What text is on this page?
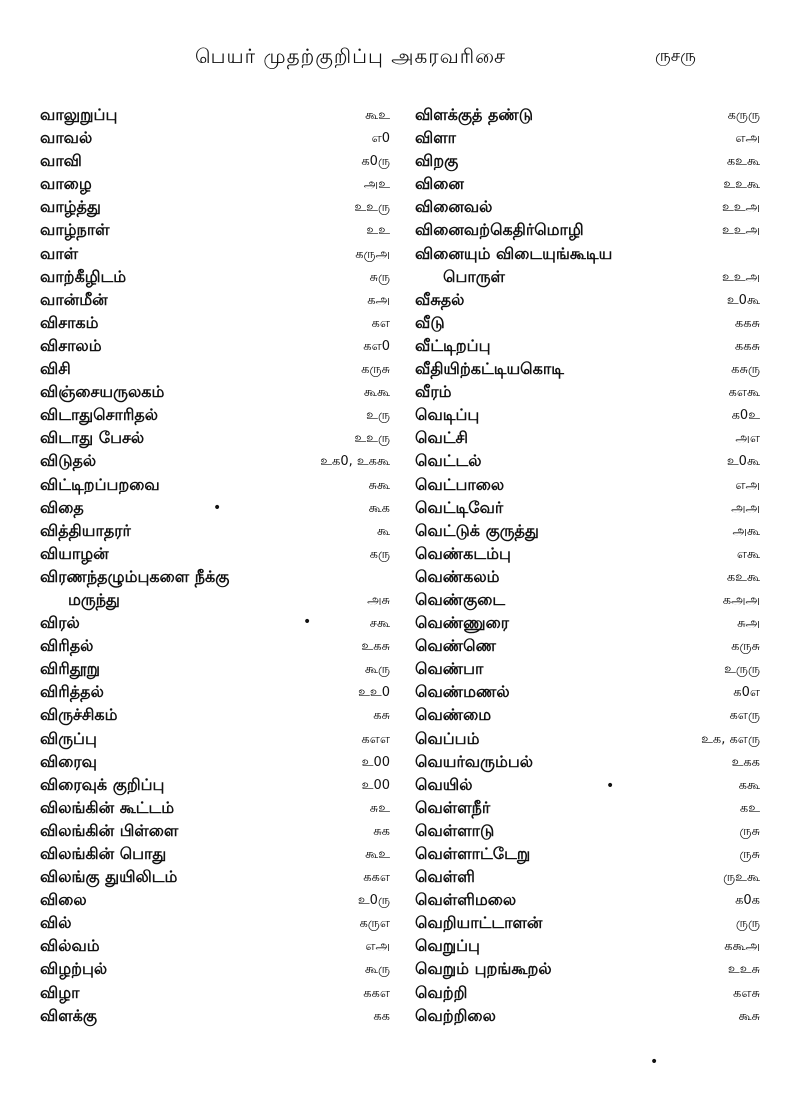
பெயர் முதற்குறிப்பு அகரவரிசை	ருசரு
வாலுறுப்பு	கூஉ
வாவல்	எ0
வாவி	க0ரு
வாழை	அஉ
வாழ்த்து	உஉரு
வாழ்நாள்	உஉ
வாள்	கருஅ
வாற்கீழிடம்	சுரு
வான்மீன்	கஅ
விசாகம்	கஎ
விசாலம்	கஎ0
விசி	கருசு
விஞ்சையருலகம்	கூகூ
விடாதுசொரிதல்	உரு
விடாது பேசல்	உஉரு
விடுதல்	உக0, உககூ
விட்டிறப்பறவை	சுகூ
விதை	கூக
வித்தியாதரர்	கூ
வியாழன்	கரு
விரணந்தழும்புகளை நீக்கு
மருந்து	அசு
விரல்	சகூ
விரிதல்	உகசு
விரிதூறு	கூரு
விரித்தல்	உஉ0
விருச்சிகம்	கசு
விருப்பு	கஎஎ
விரைவு	உ00
விரைவுக் குறிப்பு	உ00
விலங்கின் கூட்டம்	சுஉ
விலங்கின் பிள்ளை	சுக
விலங்கின் பொது	கூஉ
விலங்கு துயிலிடம்	ககஎ
விலை	உ0ரு
வில்	கருஎ
வில்வம்	எஅ
விழற்புல்	கூரு
விழா	ககஎ
விளக்கு	கக
விளக்குத் தண்டு	கருரு
விளா	எஅ
விறகு	கஉகூ
வினை	உஉகூ
வினைவல்	உஉஅ
வினைவற்கெதிர்மொழி	உஉஅ
வினையும் விடையுங்கூடிய
பொருள்	உஉஅ
வீசுதல்	உ0கூ
வீடு	ககசு
வீட்டிறப்பு	ககசு
வீதியிற்கட்டியகொடி	கசுரு
வீரம்	கஎகூ
வெடிப்பு	க0உ
வெட்சி	அஎ
வெட்டல்	உ0கூ
வெட்பாலை	எஅ
வெட்டிவேர்	அஅ
வெட்டுக் குருத்து	அகூ
வெண்கடம்பு	எகூ
வெண்கலம்	கஉகூ
வெண்குடை	கஅஅ
வெண்ணுரை	சுஅ
வெண்ணெ	கருசு
வெண்பா	உருரு
வெண்மணல்	க0எ
வெண்மை	கஎரு
வெப்பம்	உக, கஎரு
வெயர்வரும்பல்	உகக
வெயில்	ககூ
வெள்ளநீர்	கஉ
வெள்ளாடு	ருசு
வெள்ளாட்டேறு	ருசு
வெள்ளி	ருஉகூ
வெள்ளிமலை	க0க
வெறியாட்டாளன்	ருரு
வெறுப்பு	ககூஅ
வெறும் புறங்கூறல்	உஉசு
வெற்றி	கஎசு
வெற்றிலை	கூசு
•
•
•
•
